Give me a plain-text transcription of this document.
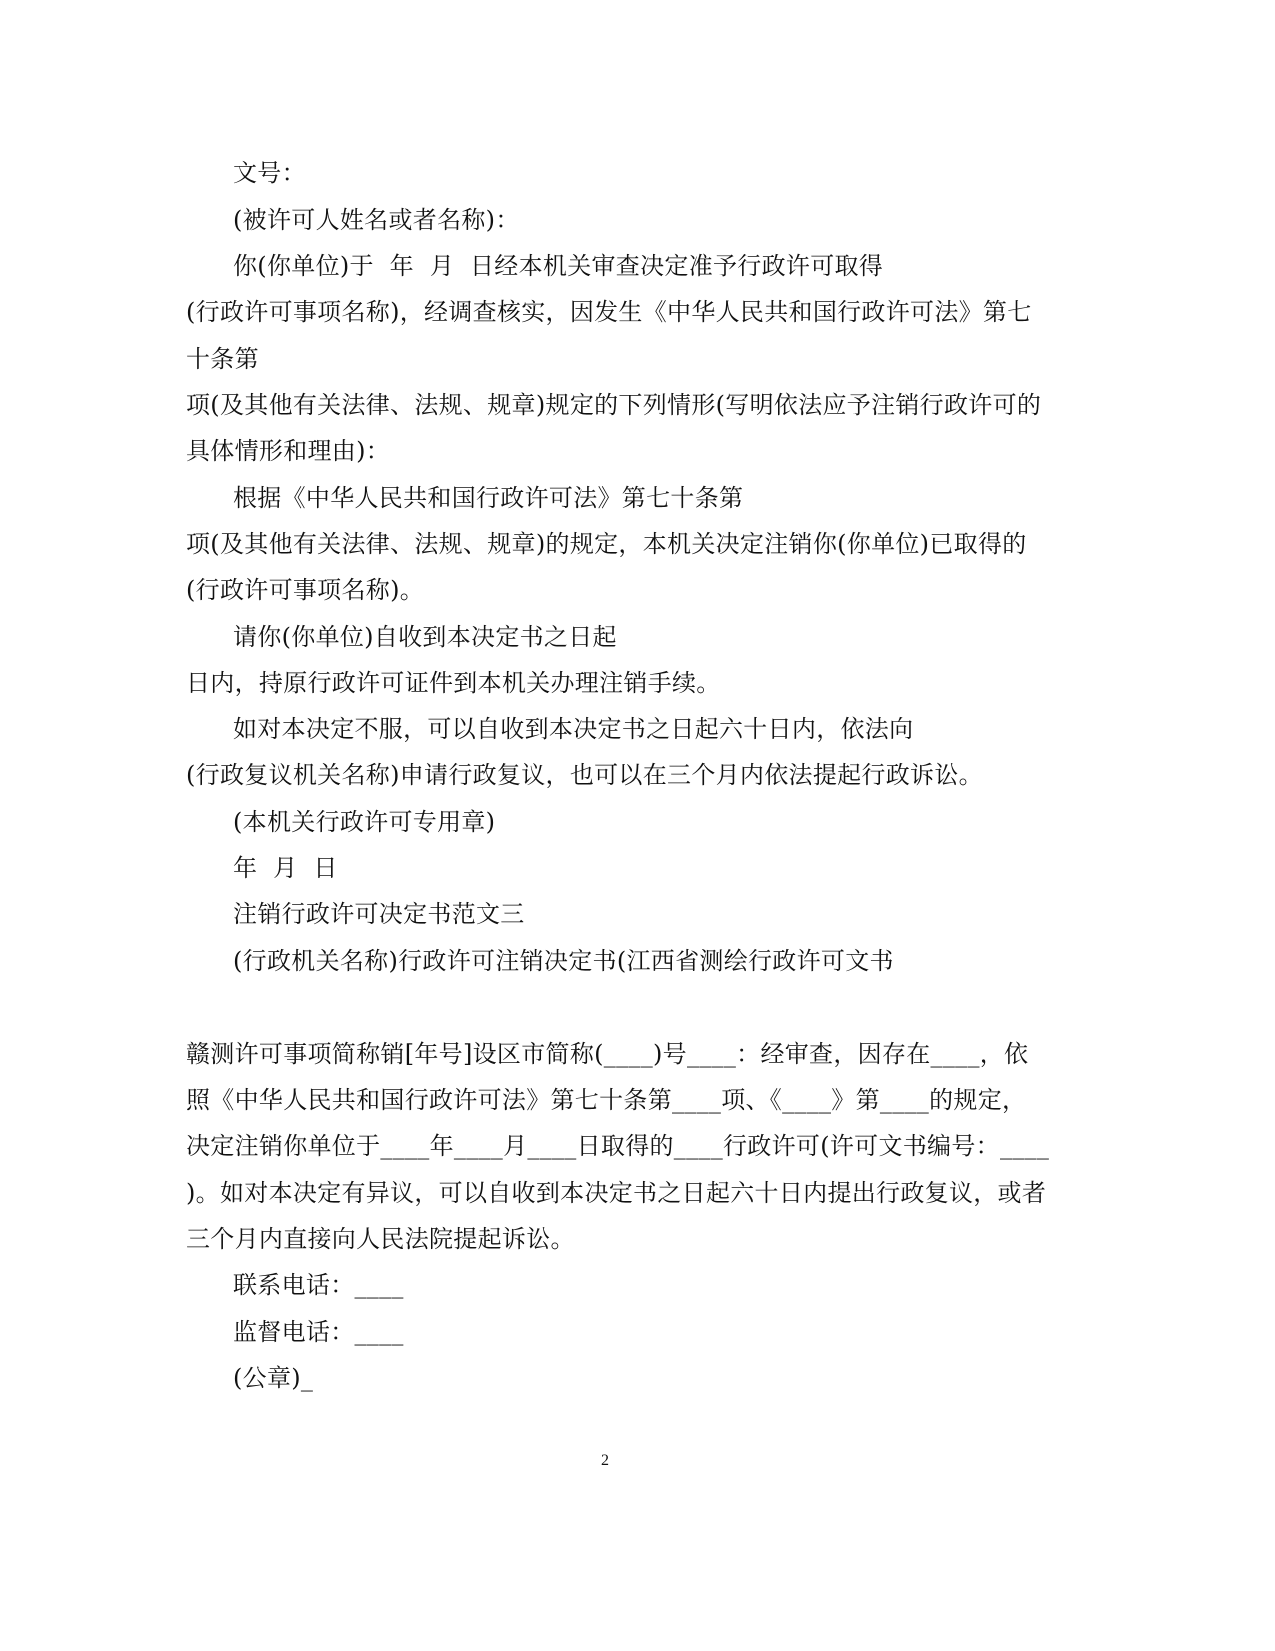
文号：
(被许可人姓名或者名称)：
你(你单位)于  年  月  日经本机关审查决定准予行政许可取得
(行政许可事项名称)，经调查核实，因发生《中华人民共和国行政许可法》第七
十条第
项(及其他有关法律、法规、规章)规定的下列情形(写明依法应予注销行政许可的
具体情形和理由)：
根据《中华人民共和国行政许可法》第七十条第
项(及其他有关法律、法规、规章)的规定，本机关决定注销你(你单位)已取得的
(行政许可事项名称)。
请你(你单位)自收到本决定书之日起
日内，持原行政许可证件到本机关办理注销手续。
如对本决定不服，可以自收到本决定书之日起六十日内，依法向
(行政复议机关名称)申请行政复议，也可以在三个月内依法提起行政诉讼。
(本机关行政许可专用章)
年  月  日
注销行政许可决定书范文三
(行政机关名称)行政许可注销决定书(江西省测绘行政许可文书
赣测许可事项简称销[年号]设区市简称(____)号____：经审查，因存在____，依
照《中华人民共和国行政许可法》第七十条第____项、《____》第____的规定，
决定注销你单位于____年____月____日取得的____行政许可(许可文书编号：____
)。如对本决定有异议，可以自收到本决定书之日起六十日内提出行政复议，或者
三个月内直接向人民法院提起诉讼。
联系电话：____
监督电话：____
(公章)_
2
